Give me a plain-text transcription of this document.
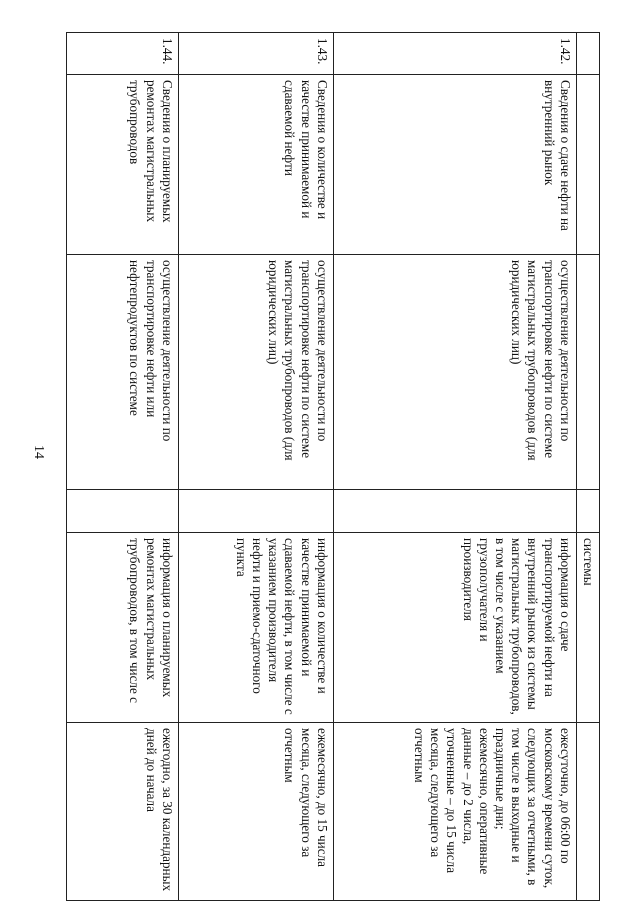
14
				системы	
1.42.	Сведения о сдаче нефти на внутренний рынок	осуществление деятельности по транспортировке нефти по системе магистральных трубопроводов (для юридических лиц)		информация о сдаче транспортируемой нефти на внутренний рынок из системы магистральных трубопроводов, в том числе с указанием грузополучателя и производителя	ежесуточно, до 06:00 по московскому времени суток, следующих за отчетными, в том числе в выходные и праздничные дни; ежемесячно, оперативные данные – до 2 числа, уточненные – до 15 числа месяца, следующего за отчетным
1.43.	Сведения о количестве и качестве принимаемой и сдаваемой нефти	осуществление деятельности по транспортировке нефти по системе магистральных трубопроводов (для юридических лиц)		информация о количестве и качестве принимаемой и сдаваемой нефти, в том числе с указанием производителя нефти и приемо-сдаточного пункта	ежемесячно, до 15 числа месяца, следующего за отчетным
1.44.	Сведения о планируемых ремонтах магистральных трубопроводов	осуществление деятельности по транспортировке нефти или нефтепродуктов по системе		информация о планируемых ремонтах магистральных трубопроводов, в том числе с	ежегодно, за 30 календарных дней до начала
